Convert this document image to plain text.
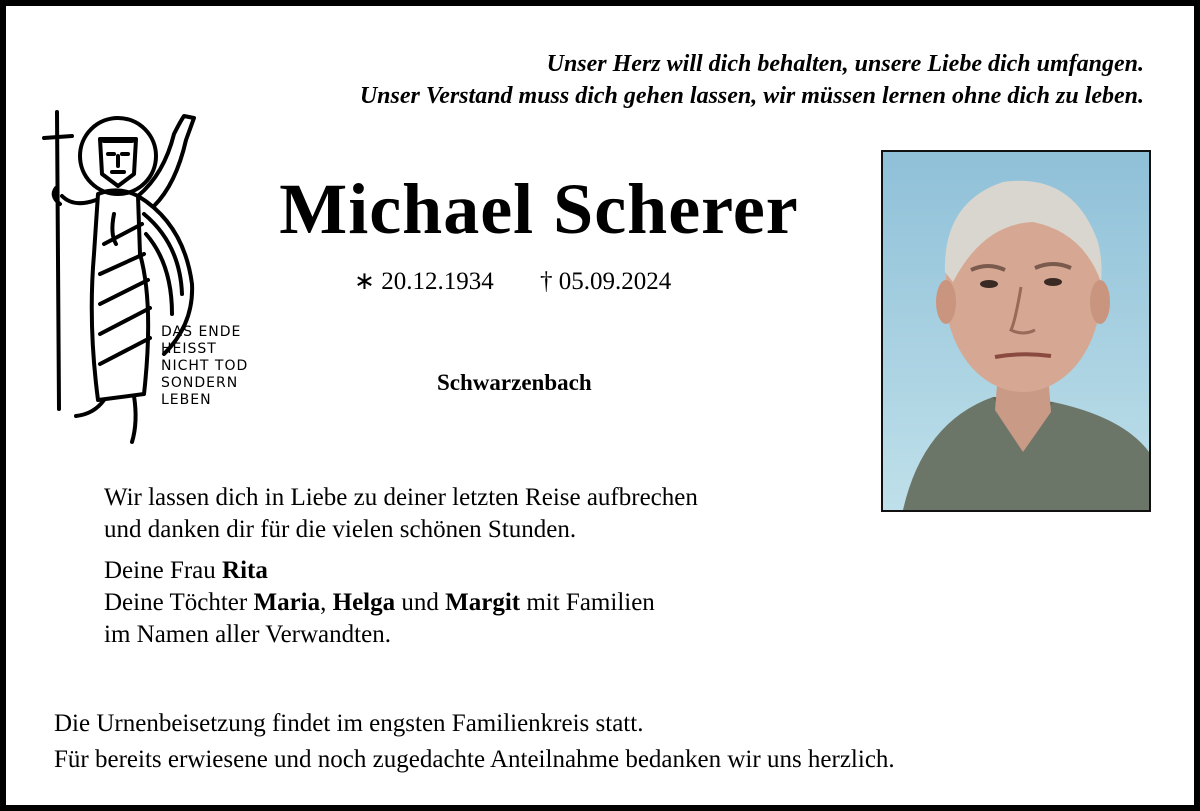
Unser Herz will dich behalten, unsere Liebe dich umfangen.

Unser Verstand muss dich gehen lassen, wir müssen lernen ohne dich zu leben.

DAS ENDE
HEISST
NICHT TOD
SONDERN
LEBEN
Michael Scherer
∗ 20.12.1934 † 05.09.2024
Schwarzenbach

Wir lassen dich in Liebe zu deiner letzten Reise aufbrechen

und danken dir für die vielen schönen Stunden.

Deine Frau Rita

Deine Töchter Maria, Helga und Margit mit Familien

im Namen aller Verwandten.

Die Urnenbeisetzung findet im engsten Familienkreis statt.

Für bereits erwiesene und noch zugedachte Anteilnahme bedanken wir uns herzlich.
